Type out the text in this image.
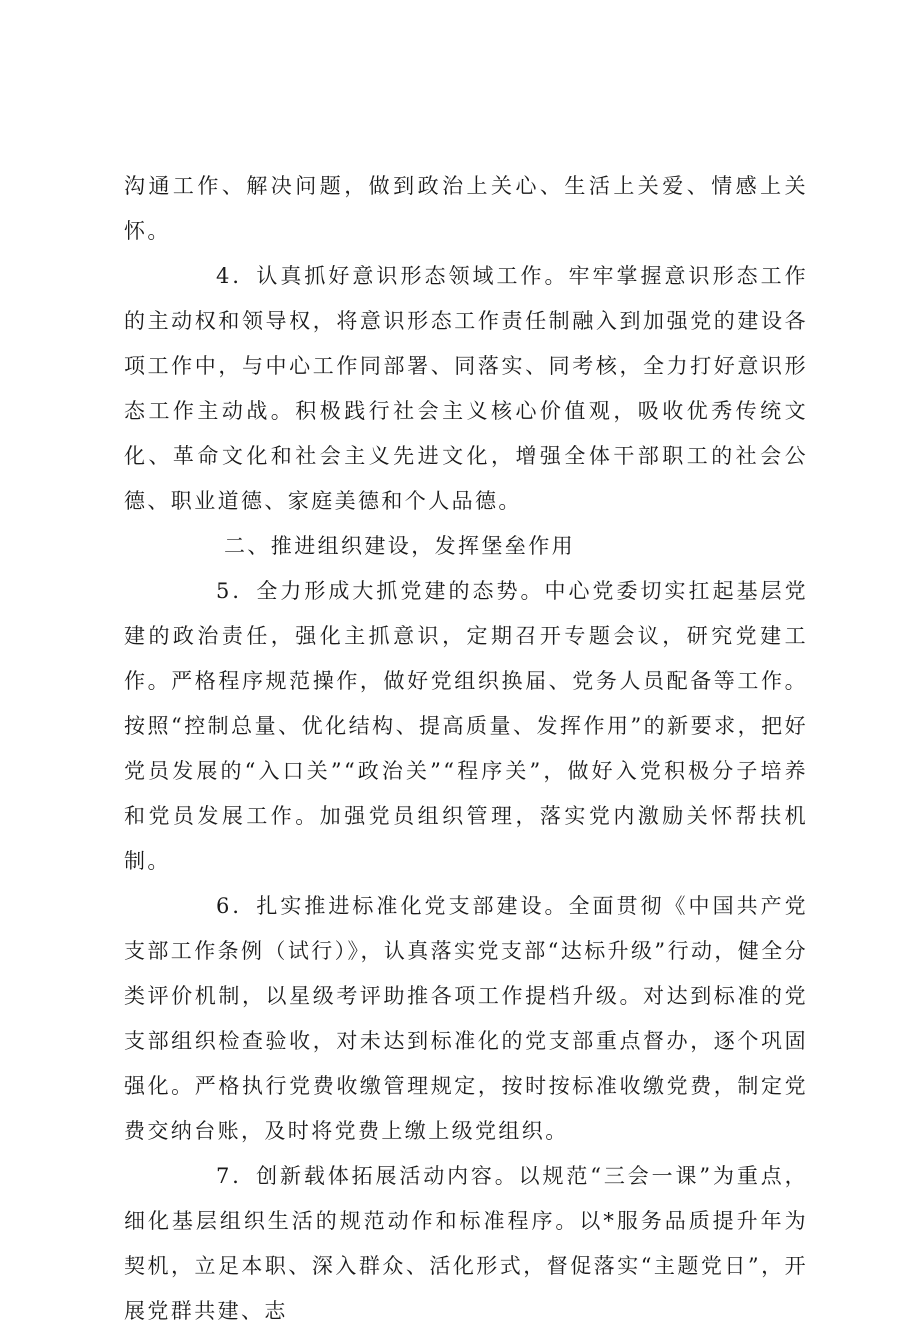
沟通工作、解决问题，做到政治上关心、生活上关爱、情感上关怀。

4．认真抓好意识形态领域工作。牢牢掌握意识形态工作的主动权和领导权，将意识形态工作责任制融入到加强党的建设各项工作中，与中心工作同部署、同落实、同考核，全力打好意识形态工作主动战。积极践行社会主义核心价值观，吸收优秀传统文化、革命文化和社会主义先进文化，增强全体干部职工的社会公德、职业道德、家庭美德和个人品德。

二、推进组织建设，发挥堡垒作用

5．全力形成大抓党建的态势。中心党委切实扛起基层党建的政治责任，强化主抓意识，定期召开专题会议，研究党建工作。严格程序规范操作，做好党组织换届、党务人员配备等工作。按照“控制总量、优化结构、提高质量、发挥作用”的新要求，把好党员发展的“入口关”“政治关”“程序关”，做好入党积极分子培养和党员发展工作。加强党员组织管理，落实党内激励关怀帮扶机制。

6．扎实推进标准化党支部建设。全面贯彻《中国共产党支部工作条例（试行）》，认真落实党支部“达标升级”行动，健全分类评价机制，以星级考评助推各项工作提档升级。对达到标准的党支部组织检查验收，对未达到标准化的党支部重点督办，逐个巩固强化。严格执行党费收缴管理规定，按时按标准收缴党费，制定党费交纳台账，及时将党费上缴上级党组织。

7．创新载体拓展活动内容。以规范“三会一课”为重点，细化基层组织生活的规范动作和标准程序。以*服务品质提升年为契机，立足本职、深入群众、活化形式，督促落实“主题党日”，开展党群共建、志
